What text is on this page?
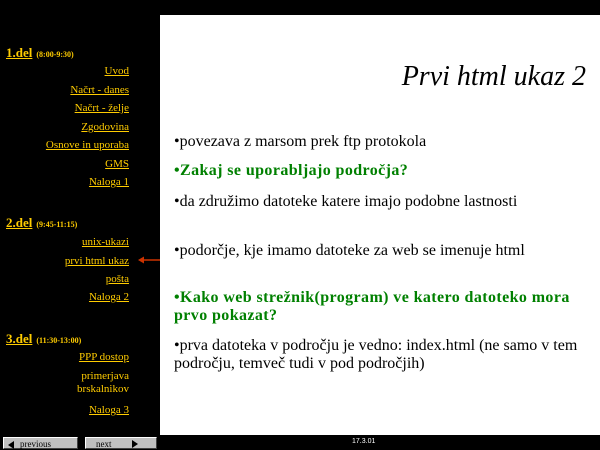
1.del (8:00-9:30)
Uvod
Načrt - danes
Načrt - želje
Zgodovina
Osnove in uporaba
GMS
Naloga 1
2.del (9:45-11:15)
unix-ukazi
prvi html ukaz
pošta
Naloga 2
3.del (11:30-13:00)
PPP dostop
primerjava brskalnikov
Naloga 3
Prvi html ukaz 2
•povezava z marsom prek ftp protokola
•Zakaj se uporabljajo področja?
•da združimo datoteke katere imajo podobne lastnosti
•podorčje, kje imamo datoteke za web se imenuje html
•Kako web strežnik(program) ve katero datoteko mora prvo pokazat?
•prva datoteka v področju je vedno: index.html (ne samo v tem področju, temveč tudi v pod področjih)
previous	next	17.3.01
